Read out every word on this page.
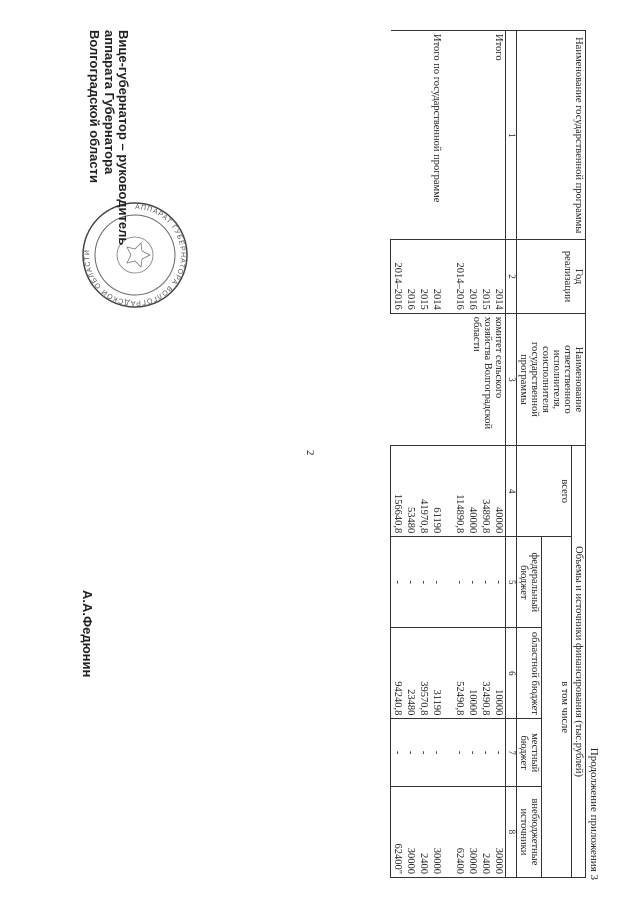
Продолжение приложения 3
Наименование государственной программы	Год реализации	Наименование ответственного исполнителя, соисполнителя государственной программы	Объемы и источники финансирования (тыс.рублей)				
			всего	в том числе			
				федеральный бюджет	областной бюджет	местный бюджет	внебюджетные источники
1	2	3	4	5	6	7	8
Итого	2014	комитет сельского хозяйства Волгоградской области	40000	-	10000	-	30000
	2015		34890,8	-	32490,8	-	2400
	2016		40000	-	10000	-	30000
	2014–2016		114890,8	-	52490,8	-	62400

Итого по государственной программе	2014		61190	-	31190	-	30000
	2015		41970,8	-	39570,8	-	2400
	2016		53480	-	23480	-	30000
	2014–2016		156640,8	-	94240,8	-	62400"
АППАРАТ ГУБЕРНАТОРА ВОЛГОГРАДСКОЙ ОБЛАСТИ
Вице-губернатор – руководитель
аппарата Губернатора
Волгоградской области
А.А.Федюнин
2
